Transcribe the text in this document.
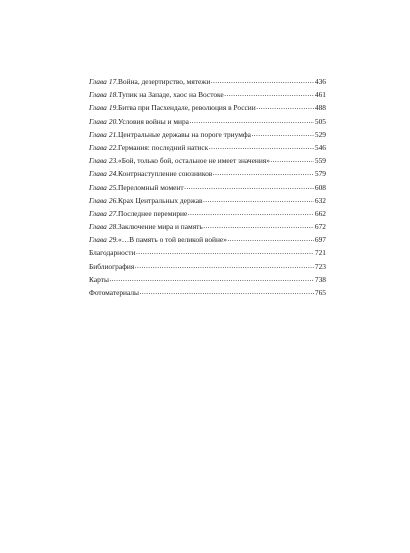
Глава 17. Война, дезертирство, мятежи .....	436
Глава 18. Тупик на Западе, хаос на Востоке .....	461
Глава 19. Битва при Пасхендале, революция в России .....	488
Глава 20. Условия войны и мира .....	505
Глава 21. Центральные державы на пороге триумфа .....	529
Глава 22. Германия: последний натиск .....	546
Глава 23. «Бой, только бой, остальное не имеет значения» .....	559
Глава 24. Контрнаступление союзников .....	579
Глава 25. Переломный момент .....	608
Глава 26. Крах Центральных держав .....	632
Глава 27. Последнее перемирие .....	662
Глава 28. Заключение мира и память .....	672
Глава 29. «…В память о той великой войне» .....	697
Благодарности .....	721
Библиография .....	723
Карты .....	738
Фотоматериалы .....	765
